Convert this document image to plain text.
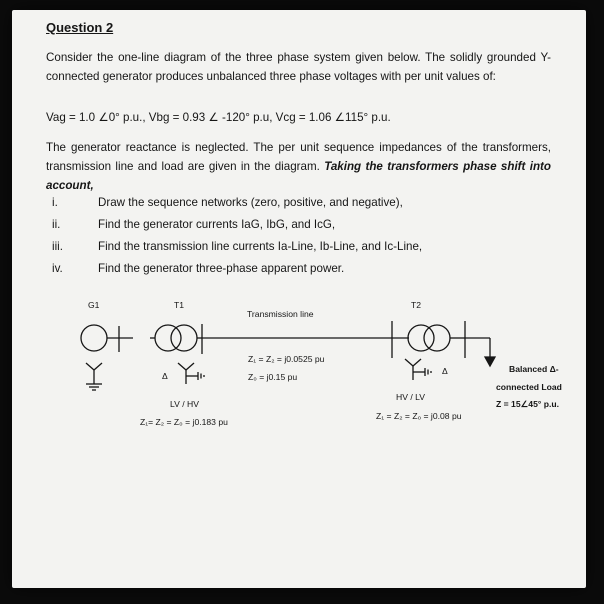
Question 2
Consider the one-line diagram of the three phase system given below. The solidly grounded Y-connected generator produces unbalanced three phase voltages with per unit values of:
Vag = 1.0 ∠0° p.u., Vbg = 0.93 ∠ -120° p.u, Vcg = 1.06 ∠115° p.u.
The generator reactance is neglected. The per unit sequence impedances of the transformers, transmission line and load are given in the diagram. Taking the transformers phase shift into account,
i.	Draw the sequence networks (zero, positive, and negative),
ii.	Find the generator currents IaG, IbG, and IcG,
iii.	Find the transmission line currents Ia-Line, Ib-Line, and Ic-Line,
iv.	Find the generator three-phase apparent power.
G1	T1	T2
Transmission line
Δ	Δ
Z₁ = Z₂ = j0.0525 pu
Z₀ = j0.15 pu
LV / HV
Z₁= Z₂ = Z₀ = j0.183 pu
HV / LV
Z₁ = Z₂ = Z₀ = j0.08 pu
Balanced Δ-
connected Load
Z = 15∠45° p.u.
